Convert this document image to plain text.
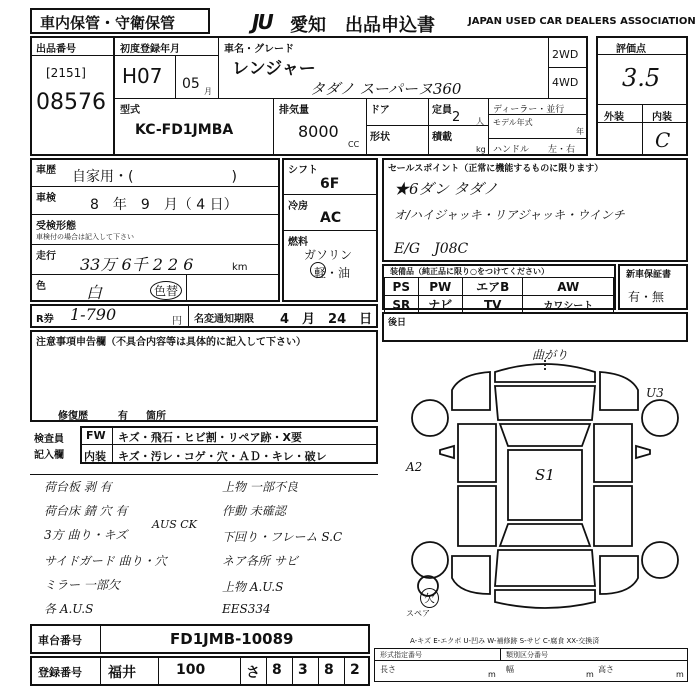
車内保管・守衛保管	JU 愛知 出品申込書	JAPAN USED CAR DEALERS ASSOCIATION
出品番号
[2151]
08576
初度登録年月
H07 05 月
車名・グレード
レンジャー
タダノ スーパーヌ360
2WD
4WD
型式
KC-FD1JMBA
排気量
8000
CC
ドア
形状
定員 2 人
積載
kg
ディーラー・並行
モデル年式
年
ハンドル 左・右
評価点
3.5
外装	内装
C
車歴 自家用・(　　　　　　　)
車検 8　年　9　月（ 4 日）
受検形態
車検付の場合は記入して下さい
走行 33万 6千 2 2 6	km
色	白	色替
R券 1-790	円 名変通知期限 4　月　24　日
シフト
6F
冷房
AC
燃料
ガソリン
軽・油
セールスポイント（正常に機能するものに限ります）
★6ダン タダノ
オ/ハイジャッキ・リアジャッキ・ウインチ
E/G　J08C
装備品（純正品に限り○をつけてください）
PS	PW	エアB	AW
SR	ナビ	TV	カワシート
新車保証書
有・無
後日
注意事項申告欄（不具合内容等は具体的に記入して下さい）
修復歴	有 箇所
検査員
記入欄
FW キズ・飛石・ヒビ割・リペア跡・X要
内装 キズ・汚レ・コゲ・穴・ＡＤ・キレ・破レ
荷台板 剥 有
荷台床 錆 穴 有
3方 曲り・キズ
サイドガード 曲り・穴
ミラー 一部欠
各 A.U.S
AUS CK
上物 一部不良
作動 未確認
下回り・フレーム S.C
ネア各所 サビ
上物 A.U.S
EES334
曲がり
U3
A2	S1
欠
スペア
A-キズ E-エクボ U-凹み W-補修跡 S-サビ C-腐食 XX-交換済
車台番号	FD1JMB-10089
登録番号 福井	100	さ 8 3 8 2
形式指定番号	類別区分番号
長さ
m
幅
m
高さ
m
